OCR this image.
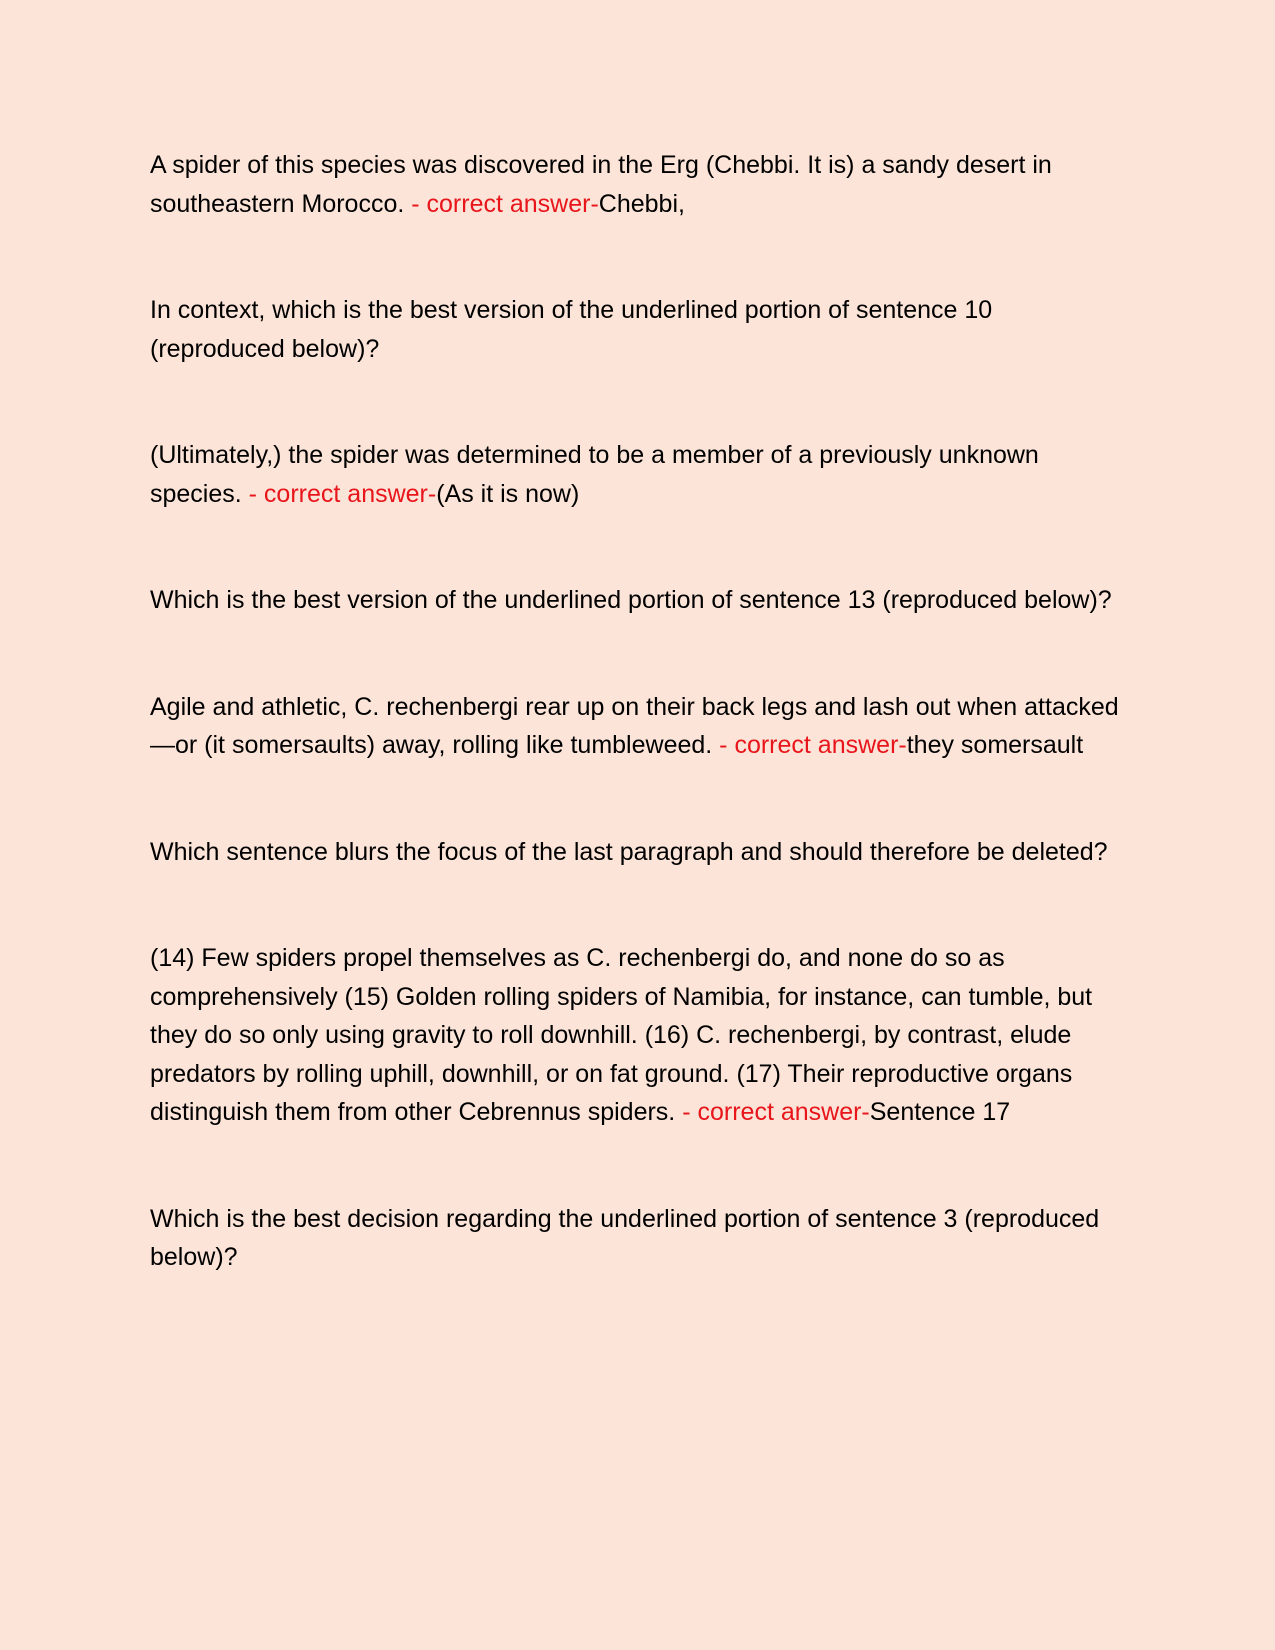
A spider of this species was discovered in the Erg (Chebbi. It is) a sandy desert in southeastern Morocco. - correct answer-Chebbi,

In context, which is the best version of the underlined portion of sentence 10 (reproduced below)?

(Ultimately,) the spider was determined to be a member of a previously unknown species. - correct answer-(As it is now)

Which is the best version of the underlined portion of sentence 13 (reproduced below)?

Agile and athletic, C. rechenbergi rear up on their back legs and lash out when attacked—or (it somersaults) away, rolling like tumbleweed. - correct answer-they somersault

Which sentence blurs the focus of the last paragraph and should therefore be deleted?

(14) Few spiders propel themselves as C. rechenbergi do, and none do so as comprehensively (15) Golden rolling spiders of Namibia, for instance, can tumble, but they do so only using gravity to roll downhill. (16) C. rechenbergi, by contrast, elude predators by rolling uphill, downhill, or on fat ground. (17) Their reproductive organs distinguish them from other Cebrennus spiders. - correct answer-Sentence 17

Which is the best decision regarding the underlined portion of sentence 3 (reproduced below)?
